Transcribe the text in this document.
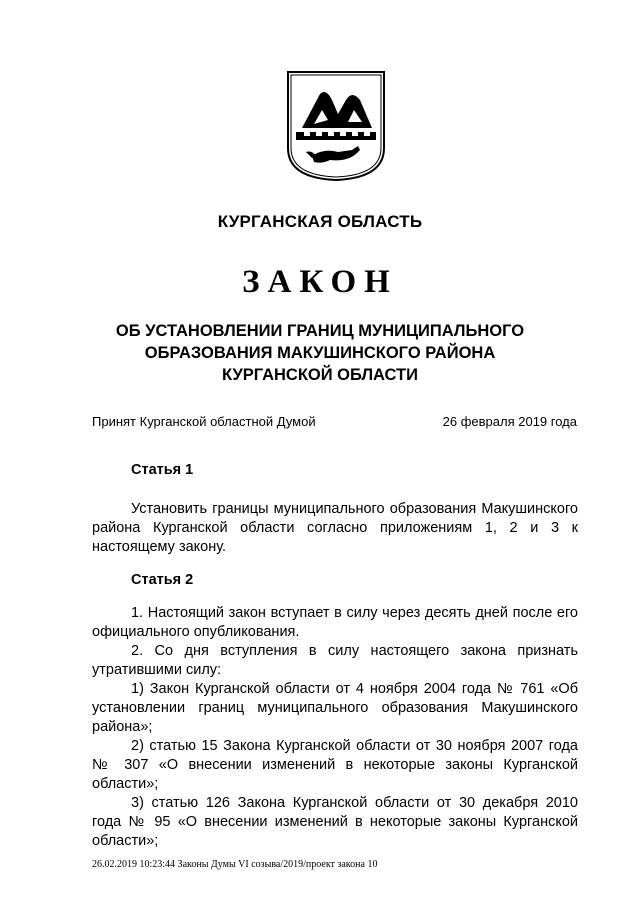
КУРГАНСКАЯ ОБЛАСТЬ
ЗАКОН
ОБ УСТАНОВЛЕНИИ ГРАНИЦ МУНИЦИПАЛЬНОГО
ОБРАЗОВАНИЯ МАКУШИНСКОГО РАЙОНА
КУРГАНСКОЙ ОБЛАСТИ
Принят Курганской областной Думой	26 февраля 2019 года
Статья 1

Установить границы муниципального образования Макушинского района Курганской области согласно приложениям 1, 2 и 3 к настоящему закону.

Статья 2

1. Настоящий закон вступает в силу через десять дней после его официального опубликования.

2. Со дня вступления в силу настоящего закона признать утратившими силу:

1) Закон Курганской области от 4 ноября 2004 года № 761 «Об установлении границ муниципального образования Макушинского района»;

2) статью 15 Закона Курганской области от 30 ноября 2007 года № 307 «О внесении изменений в некоторые законы Курганской области»;

3) статью 126 Закона Курганской области от 30 декабря 2010 года № 95 «О внесении изменений в некоторые законы Курганской области»;

26.02.2019 10:23:44 Законы Думы VI созыва/2019/проект закона 10
